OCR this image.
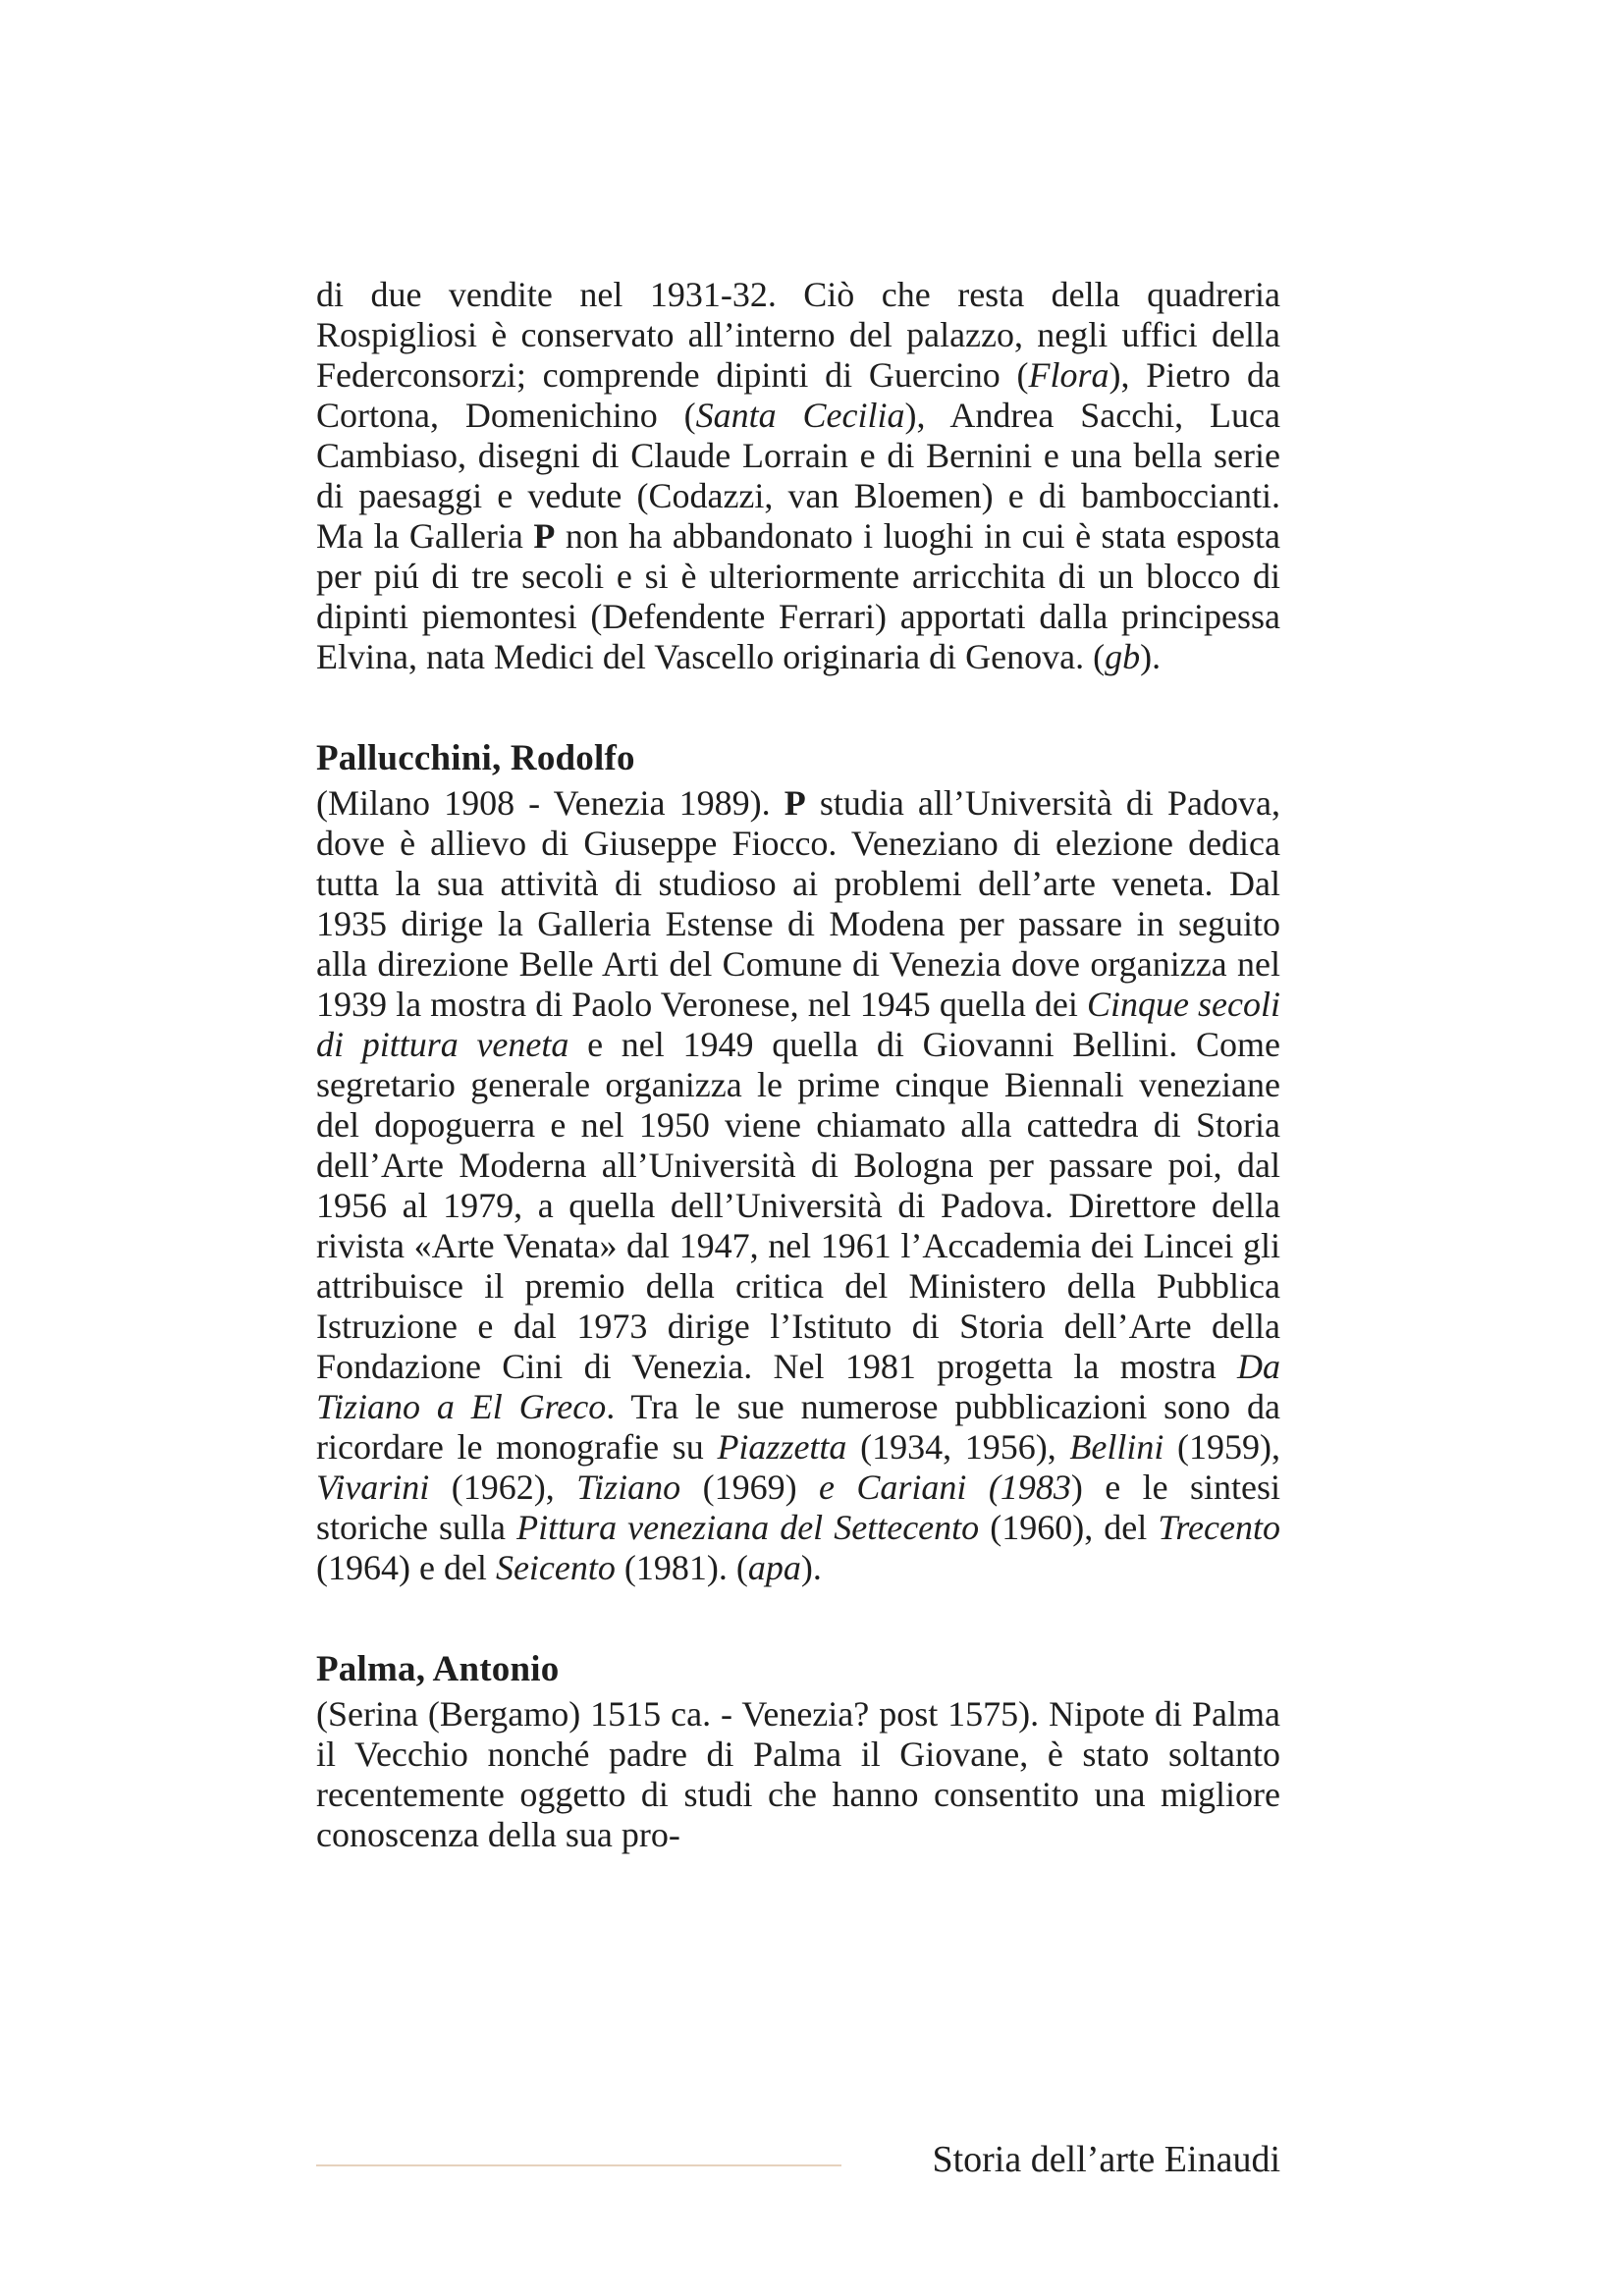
di due vendite nel 1931-32. Ciò che resta della quadreria Rospigliosi è conservato all’interno del palazzo, negli uffici della Federconsorzi; comprende dipinti di Guercino (Flora), Pietro da Cortona, Domenichino (Santa Cecilia), Andrea Sacchi, Luca Cambiaso, disegni di Claude Lorrain e di Bernini e una bella serie di paesaggi e vedute (Codazzi, van Bloemen) e di bamboccianti. Ma la Galleria P non ha abbandonato i luoghi in cui è stata esposta per piú di tre secoli e si è ulteriormente arricchita di un blocco di dipinti piemontesi (Defendente Ferrari) apportati dalla principessa Elvina, nata Medici del Vascello originaria di Genova. (gb).

Pallucchini, Rodolfo

(Milano 1908 - Venezia 1989). P studia all’Università di Padova, dove è allievo di Giuseppe Fiocco. Veneziano di elezione dedica tutta la sua attività di studioso ai problemi dell’arte veneta. Dal 1935 dirige la Galleria Estense di Modena per passare in seguito alla direzione Belle Arti del Comune di Venezia dove organizza nel 1939 la mostra di Paolo Veronese, nel 1945 quella dei Cinque secoli di pittura veneta e nel 1949 quella di Giovanni Bellini. Come segretario generale organizza le prime cinque Biennali veneziane del dopoguerra e nel 1950 viene chiamato alla cattedra di Storia dell’Arte Moderna all’Università di Bologna per passare poi, dal 1956 al 1979, a quella dell’Università di Padova. Direttore della rivista «Arte Venata» dal 1947, nel 1961 l’Accademia dei Lincei gli attribuisce il premio della critica del Ministero della Pubblica Istruzione e dal 1973 dirige l’Istituto di Storia dell’Arte della Fondazione Cini di Venezia. Nel 1981 progetta la mostra Da Tiziano a El Greco. Tra le sue numerose pubblicazioni sono da ricordare le monografie su Piazzetta (1934, 1956), Bellini (1959), Vivarini (1962), Tiziano (1969) e Cariani (1983) e le sintesi storiche sulla Pittura veneziana del Settecento (1960), del Trecento (1964) e del Seicento (1981). (apa).

Palma, Antonio

(Serina (Bergamo) 1515 ca. - Venezia? post 1575). Nipote di Palma il Vecchio nonché padre di Palma il Giovane, è stato soltanto recentemente oggetto di studi che hanno consentito una migliore conoscenza della sua pro-

Storia dell’arte Einaudi
